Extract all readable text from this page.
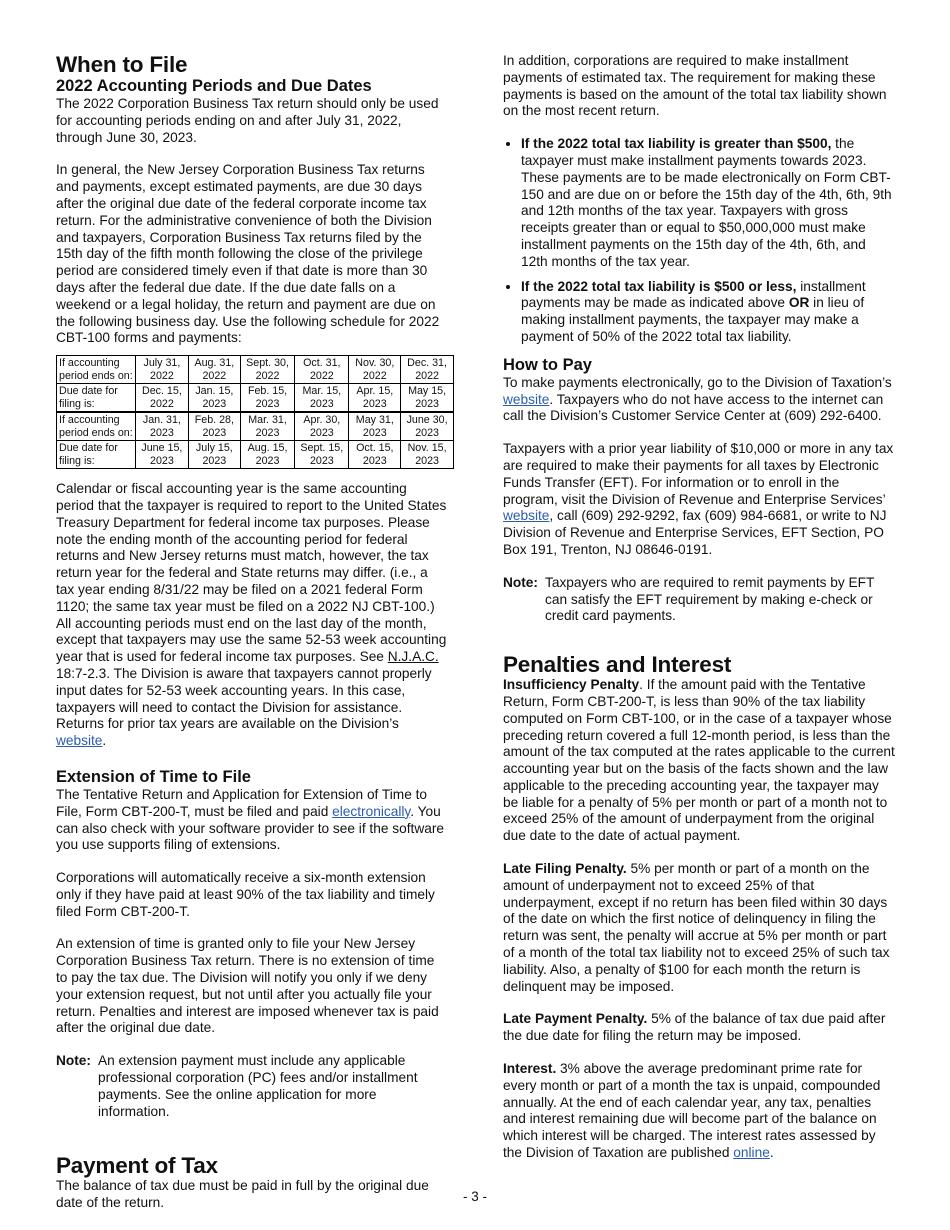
When to File
2022 Accounting Periods and Due Dates

The 2022 Corporation Business Tax return should only be used for accounting periods ending on and after July 31, 2022, through June 30, 2023.

In general, the New Jersey Corporation Business Tax returns and payments, except estimated payments, are due 30 days after the original due date of the federal corporate income tax return. For the administrative convenience of both the Division and taxpayers, Corporation Business Tax returns filed by the 15th day of the fifth month following the close of the privilege period are considered timely even if that date is more than 30 days after the federal due date. If the due date falls on a weekend or a legal holiday, the return and payment are due on the following business day. Use the following schedule for 2022 CBT-100 forms and payments:

If accounting period ends on:	July 31, 2022	Aug. 31, 2022	Sept. 30, 2022	Oct. 31, 2022	Nov. 30, 2022	Dec. 31, 2022
Due date for filing is:	Dec. 15, 2022	Jan. 15, 2023	Feb. 15, 2023	Mar. 15, 2023	Apr. 15, 2023	May 15, 2023
If accounting period ends on:	Jan. 31, 2023	Feb. 28, 2023	Mar. 31, 2023	Apr. 30, 2023	May 31, 2023	June 30, 2023
Due date for filing is:	June 15, 2023	July 15, 2023	Aug. 15, 2023	Sept. 15, 2023	Oct. 15, 2023	Nov. 15, 2023

Calendar or fiscal accounting year is the same accounting period that the taxpayer is required to report to the United States Treasury Department for federal income tax purposes. Please note the ending month of the accounting period for federal returns and New Jersey returns must match, however, the tax return year for the federal and State returns may differ. (i.e., a tax year ending 8/31/22 may be filed on a 2021 federal Form 1120; the same tax year must be filed on a 2022 NJ CBT-100.) All accounting periods must end on the last day of the month, except that taxpayers may use the same 52-53 week accounting year that is used for federal income tax purposes. See N.J.A.C. 18:7-2.3. The Division is aware that taxpayers cannot properly input dates for 52-53 week accounting years. In this case, taxpayers will need to contact the Division for assistance. Returns for prior tax years are available on the Division’s website.

Extension of Time to File

The Tentative Return and Application for Extension of Time to File, Form CBT-200-T, must be filed and paid electronically. You can also check with your software provider to see if the software you use supports filing of extensions.

Corporations will automatically receive a six-month extension only if they have paid at least 90% of the tax liability and timely filed Form CBT-200-T.

An extension of time is granted only to file your New Jersey Corporation Business Tax return. There is no extension of time to pay the tax due. The Division will notify you only if we deny your extension request, but not until after you actually file your return. Penalties and interest are imposed whenever tax is paid after the original due date.

Note: An extension payment must include any applicable professional corporation (PC) fees and/or installment payments. See the online application for more information.
Payment of Tax

The balance of tax due must be paid in full by the original due date of the return.

In addition, corporations are required to make installment payments of estimated tax. The requirement for making these payments is based on the amount of the total tax liability shown on the most recent return.

• If the 2022 total tax liability is greater than $500, the taxpayer must make installment payments towards 2023. These payments are to be made electronically on Form CBT-150 and are due on or before the 15th day of the 4th, 6th, 9th and 12th months of the tax year. Taxpayers with gross receipts greater than or equal to $50,000,000 must make installment payments on the 15th day of the 4th, 6th, and 12th months of the tax year.
• If the 2022 total tax liability is $500 or less, installment payments may be made as indicated above OR in lieu of making installment payments, the taxpayer may make a payment of 50% of the 2022 total tax liability.
How to Pay

To make payments electronically, go to the Division of Taxation’s website. Taxpayers who do not have access to the internet can call the Division’s Customer Service Center at (609) 292-6400.

Taxpayers with a prior year liability of $10,000 or more in any tax are required to make their payments for all taxes by Electronic Funds Transfer (EFT). For information or to enroll in the program, visit the Division of Revenue and Enterprise Services’ website, call (609) 292-9292, fax (609) 984-6681, or write to NJ Division of Revenue and Enterprise Services, EFT Section, PO Box 191, Trenton, NJ 08646-0191.

Note: Taxpayers who are required to remit payments by EFT can satisfy the EFT requirement by making e-check or credit card payments.
Penalties and Interest

Insufficiency Penalty. If the amount paid with the Tentative Return, Form CBT-200-T, is less than 90% of the tax liability computed on Form CBT-100, or in the case of a taxpayer whose preceding return covered a full 12-month period, is less than the amount of the tax computed at the rates applicable to the current accounting year but on the basis of the facts shown and the law applicable to the preceding accounting year, the taxpayer may be liable for a penalty of 5% per month or part of a month not to exceed 25% of the amount of underpayment from the original due date to the date of actual payment.

Late Filing Penalty. 5% per month or part of a month on the amount of underpayment not to exceed 25% of that underpayment, except if no return has been filed within 30 days of the date on which the first notice of delinquency in filing the return was sent, the penalty will accrue at 5% per month or part of a month of the total tax liability not to exceed 25% of such tax liability. Also, a penalty of $100 for each month the return is delinquent may be imposed.

Late Payment Penalty. 5% of the balance of tax due paid after the due date for filing the return may be imposed.

Interest. 3% above the average predominant prime rate for every month or part of a month the tax is unpaid, compounded annually. At the end of each calendar year, any tax, penalties and interest remaining due will become part of the balance on which interest will be charged. The interest rates assessed by the Division of Taxation are published online.

- 3 -
